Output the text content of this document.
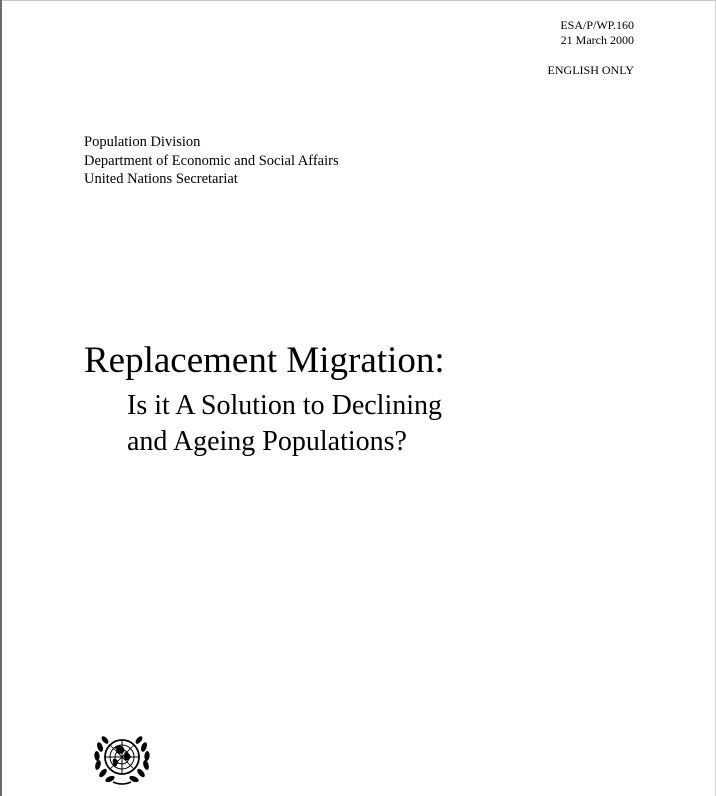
ESA/P/WP.160
21 March 2000
ENGLISH ONLY
Population Division
Department of Economic and Social Affairs
United Nations Secretariat
Replacement Migration:
Is it A Solution to Declining
and Ageing Populations?
